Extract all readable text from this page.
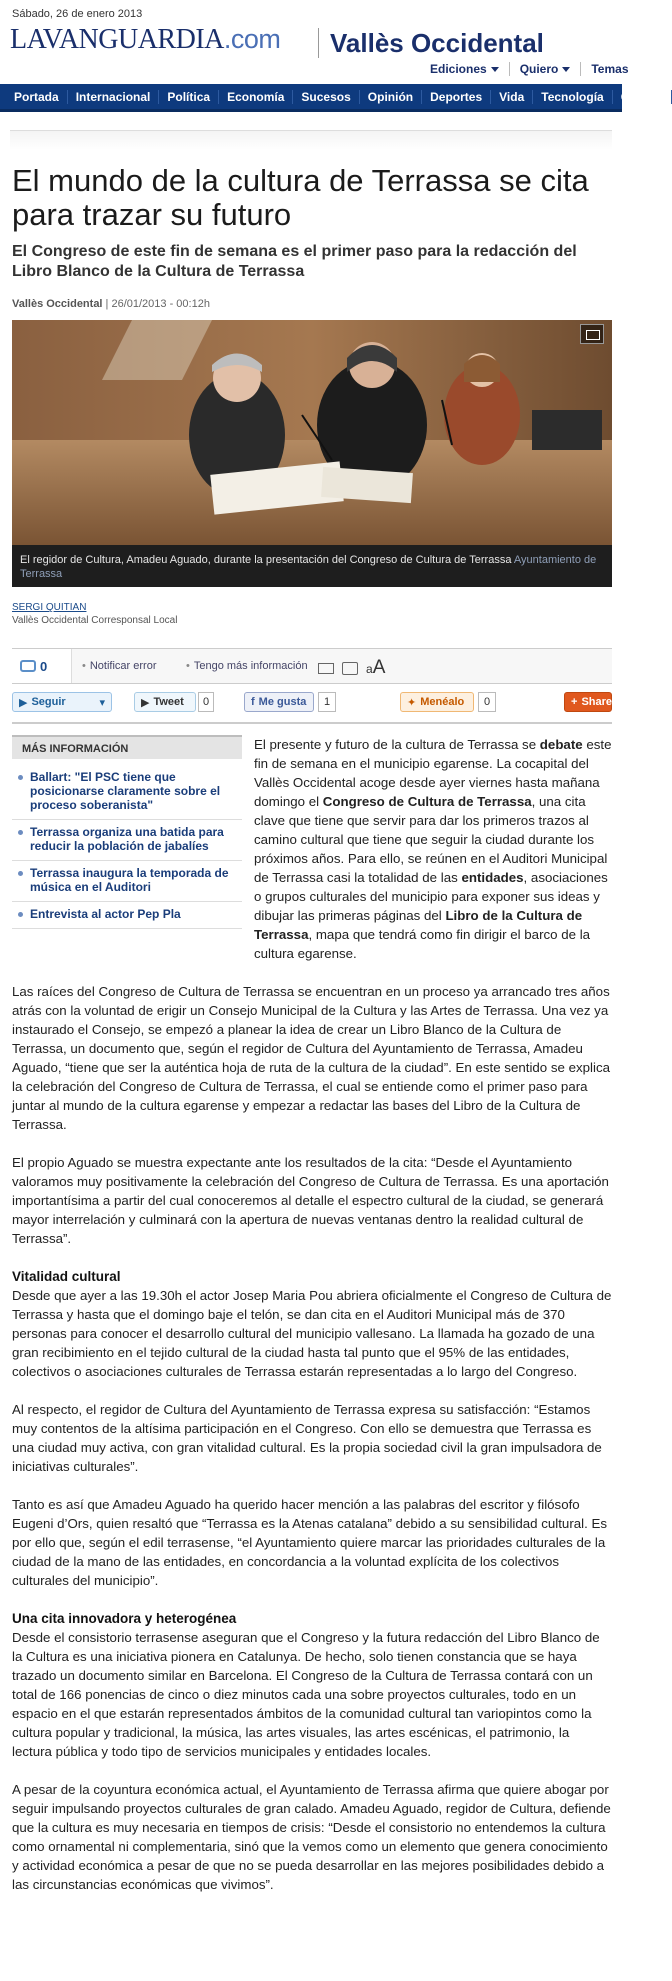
Sábado, 26 de enero 2013
LAVANGUARDIA.com Vallès Occidental
Ediciones	Quiero	Temas
Portada	Internacional	Política	Economía	Sucesos	Opinión	Deportes	Vida	Tecnología	Cultura
El mundo de la cultura de Terrassa se cita para trazar su futuro
El Congreso de este fin de semana es el primer paso para la redacción del Libro Blanco de la Cultura de Terrassa
Vallès Occidental | 26/01/2013 - 00:12h
El regidor de Cultura, Amadeu Aguado, durante la presentación del Congreso de Cultura de Terrassa Ayuntamiento de Terrassa
SERGI QUITIAN
Vallès Occidental Corresponsal Local
0	• Notificar error	• Tengo más información	aA
▶ Seguir	▾	▶ Tweet	0	f Me gusta	1	✦ Menéalo	0	+ Share
MÁS INFORMACIÓN
Ballart: "El PSC tiene que posicionarse claramente sobre el proceso soberanista"
Terrassa organiza una batida para reducir la población de jabalíes
Terrassa inaugura la temporada de música en el Auditori
Entrevista al actor Pep Pla

El presente y futuro de la cultura de Terrassa se debate este fin de semana en el municipio egarense. La cocapital del Vallès Occidental acoge desde ayer viernes hasta mañana domingo el Congreso de Cultura de Terrassa, una cita clave que tiene que servir para dar los primeros trazos al camino cultural que tiene que seguir la ciudad durante los próximos años. Para ello, se reúnen en el Auditori Municipal de Terrassa casi la totalidad de las entidades, asociaciones o grupos culturales del municipio para exponer sus ideas y dibujar las primeras páginas del Libro de la Cultura de Terrassa, mapa que tendrá como fin dirigir el barco de la cultura egarense.

Las raíces del Congreso de Cultura de Terrassa se encuentran en un proceso ya arrancado tres años atrás con la voluntad de erigir un Consejo Municipal de la Cultura y las Artes de Terrassa. Una vez ya instaurado el Consejo, se empezó a planear la idea de crear un Libro Blanco de la Cultura de Terrassa, un documento que, según el regidor de Cultura del Ayuntamiento de Terrassa, Amadeu Aguado, “tiene que ser la auténtica hoja de ruta de la cultura de la ciudad”. En este sentido se explica la celebración del Congreso de Cultura de Terrassa, el cual se entiende como el primer paso para juntar al mundo de la cultura egarense y empezar a redactar las bases del Libro de la Cultura de Terrassa.

El propio Aguado se muestra expectante ante los resultados de la cita: “Desde el Ayuntamiento valoramos muy positivamente la celebración del Congreso de Cultura de Terrassa. Es una aportación importantísima a partir del cual conoceremos al detalle el espectro cultural de la ciudad, se generará mayor interrelación y culminará con la apertura de nuevas ventanas dentro la realidad cultural de Terrassa”.

Vitalidad cultural

Desde que ayer a las 19.30h el actor Josep Maria Pou abriera oficialmente el Congreso de Cultura de Terrassa y hasta que el domingo baje el telón, se dan cita en el Auditori Municipal más de 370 personas para conocer el desarrollo cultural del municipio vallesano. La llamada ha gozado de una gran recibimiento en el tejido cultural de la ciudad hasta tal punto que el 95% de las entidades, colectivos o asociaciones culturales de Terrassa estarán representadas a lo largo del Congreso.

Al respecto, el regidor de Cultura del Ayuntamiento de Terrassa expresa su satisfacción: “Estamos muy contentos de la altísima participación en el Congreso. Con ello se demuestra que Terrassa es una ciudad muy activa, con gran vitalidad cultural. Es la propia sociedad civil la gran impulsadora de iniciativas culturales”.

Tanto es así que Amadeu Aguado ha querido hacer mención a las palabras del escritor y filósofo Eugeni d’Ors, quien resaltó que “Terrassa es la Atenas catalana” debido a su sensibilidad cultural. Es por ello que, según el edil terrasense, “el Ayuntamiento quiere marcar las prioridades culturales de la ciudad de la mano de las entidades, en concordancia a la voluntad explícita de los colectivos culturales del municipio”.

Una cita innovadora y heterogénea

Desde el consistorio terrasense aseguran que el Congreso y la futura redacción del Libro Blanco de la Cultura es una iniciativa pionera en Catalunya. De hecho, solo tienen constancia que se haya trazado un documento similar en Barcelona. El Congreso de la Cultura de Terrassa contará con un total de 166 ponencias de cinco o diez minutos cada una sobre proyectos culturales, todo en un espacio en el que estarán representados ámbitos de la comunidad cultural tan variopintos como la cultura popular y tradicional, la música, las artes visuales, las artes escénicas, el patrimonio, la lectura pública y todo tipo de servicios municipales y entidades locales.

A pesar de la coyuntura económica actual, el Ayuntamiento de Terrassa afirma que quiere abogar por seguir impulsando proyectos culturales de gran calado. Amadeu Aguado, regidor de Cultura, defiende que la cultura es muy necesaria en tiempos de crisis: “Desde el consistorio no entendemos la cultura como ornamental ni complementaria, sinó que la vemos como un elemento que genera conocimiento y actividad económica a pesar de que no se pueda desarrollar en las mejores posibilidades debido a las circunstancias económicas que vivimos”.
